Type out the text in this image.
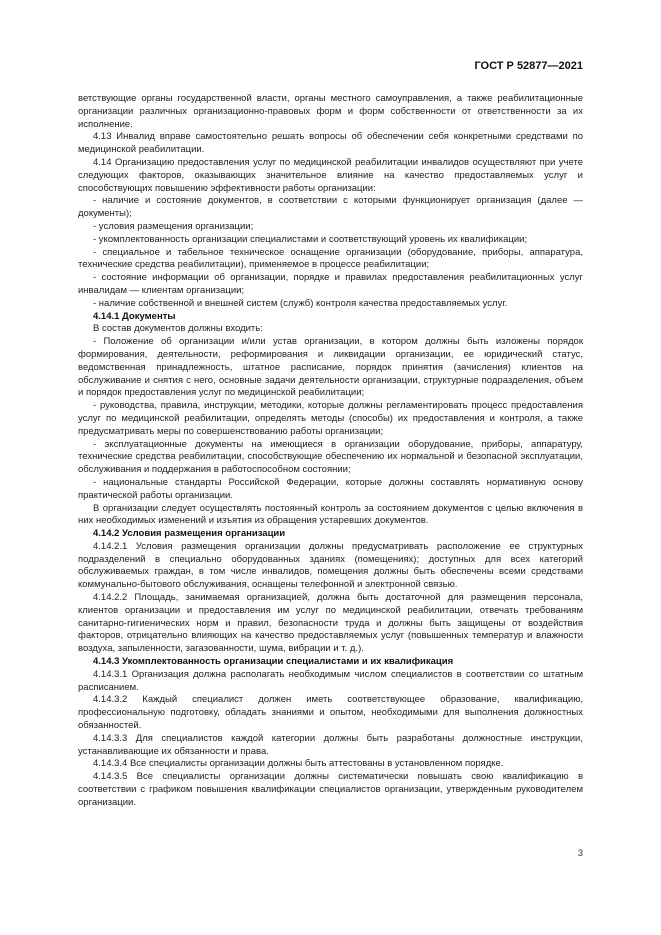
ГОСТ Р 52877—2021

ветствующие органы государственной власти, органы местного самоуправления, а также реабилитационные организации различных организационно-правовых форм и форм собственности от ответственности за их исполнение.

4.13 Инвалид вправе самостоятельно решать вопросы об обеспечении себя конкретными средствами по медицинской реабилитации.

4.14 Организацию предоставления услуг по медицинской реабилитации инвалидов осуществляют при учете следующих факторов, оказывающих значительное влияние на качество предоставляемых услуг и способствующих повышению эффективности работы организации:

- наличие и состояние документов, в соответствии с которыми функционирует организация (далее — документы);

- условия размещения организации;

- укомплектованность организации специалистами и соответствующий уровень их квалификации;

- специальное и табельное техническое оснащение организации (оборудование, приборы, аппаратура, технические средства реабилитации), применяемое в процессе реабилитации;

- состояние информации об организации, порядке и правилах предоставления реабилитационных услуг инвалидам — клиентам организации;

- наличие собственной и внешней систем (служб) контроля качества предоставляемых услуг.

4.14.1 Документы

В состав документов должны входить:

- Положение об организации и/или устав организации, в котором должны быть изложены порядок формирования, деятельности, реформирования и ликвидации организации, ее юридический статус, ведомственная принадлежность, штатное расписание, порядок принятия (зачисления) клиентов на обслуживание и снятия с него, основные задачи деятельности организации, структурные подразделения, объем и порядок предоставления услуг по медицинской реабилитации;

- руководства, правила, инструкции, методики, которые должны регламентировать процесс предоставления услуг по медицинской реабилитации, определять методы (способы) их предоставления и контроля, а также предусматривать меры по совершенствованию работы организации;

- эксплуатационные документы на имеющиеся в организации оборудование, приборы, аппаратуру, технические средства реабилитации, способствующие обеспечению их нормальной и безопасной эксплуатации, обслуживания и поддержания в работоспособном состоянии;

- национальные стандарты Российской Федерации, которые должны составлять нормативную основу практической работы организации.

В организации следует осуществлять постоянный контроль за состоянием документов с целью включения в них необходимых изменений и изъятия из обращения устаревших документов.

4.14.2 Условия размещения организации

4.14.2.1 Условия размещения организации должны предусматривать расположение ее структурных подразделений в специально оборудованных зданиях (помещениях); доступных для всех категорий обслуживаемых граждан, в том числе инвалидов, помещения должны быть обеспечены всеми средствами коммунально-бытового обслуживания, оснащены телефонной и электронной связью.

4.14.2.2 Площадь, занимаемая организацией, должна быть достаточной для размещения персонала, клиентов организации и предоставления им услуг по медицинской реабилитации, отвечать требованиям санитарно-гигиенических норм и правил, безопасности труда и должны быть защищены от воздействия факторов, отрицательно влияющих на качество предоставляемых услуг (повышенных температур и влажности воздуха, запыленности, загазованности, шума, вибрации и т. д.).

4.14.3 Укомплектованность организации специалистами и их квалификация

4.14.3.1 Организация должна располагать необходимым числом специалистов в соответствии со штатным расписанием.

4.14.3.2 Каждый специалист должен иметь соответствующее образование, квалификацию, профессиональную подготовку, обладать знаниями и опытом, необходимыми для выполнения должностных обязанностей.

4.14.3.3 Для специалистов каждой категории должны быть разработаны должностные инструкции, устанавливающие их обязанности и права.

4.14.3.4 Все специалисты организации должны быть аттестованы в установленном порядке.

4.14.3.5 Все специалисты организации должны систематически повышать свою квалификацию в соответствии с графиком повышения квалификации специалистов организации, утвержденным руководителем организации.

3
